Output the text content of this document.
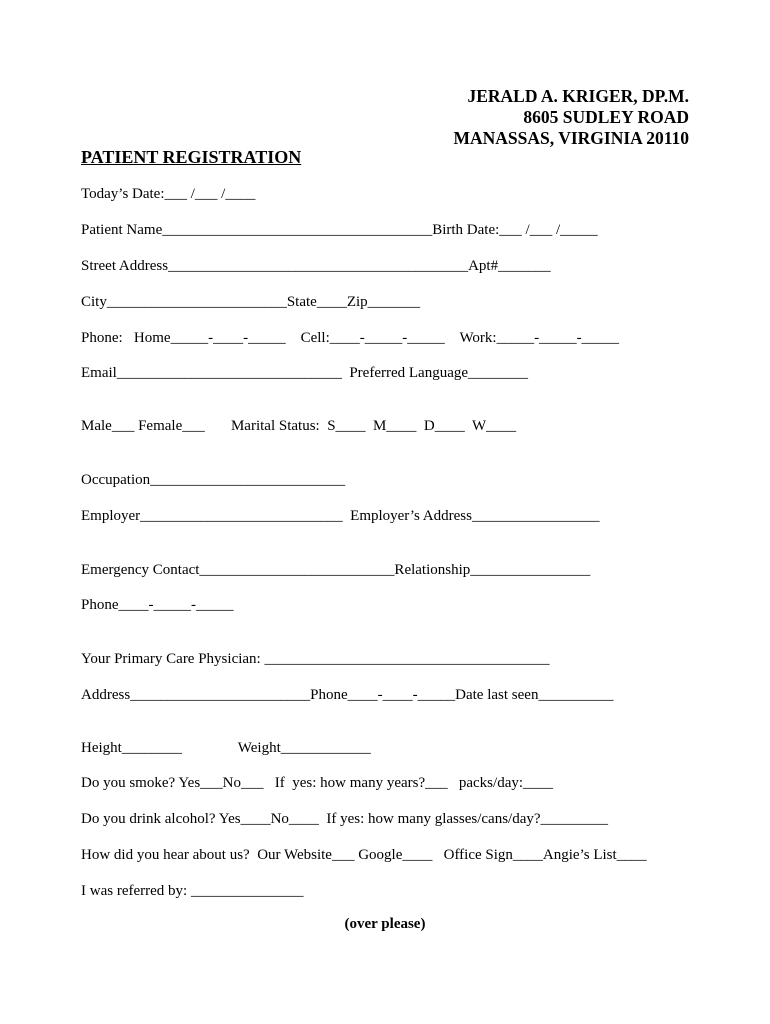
JERALD A. KRIGER, DP.M.
8605 SUDLEY ROAD
MANASSAS, VIRGINIA 20110
PATIENT REGISTRATION
Today’s Date:___ /___ /____
Patient Name____________________________________Birth Date:___ /___ /_____
Street Address________________________________________Apt#_______
City________________________State____Zip_______
Phone:   Home_____-____-_____    Cell:____-_____-_____    Work:_____-_____-_____
Email______________________________  Preferred Language________
Male___ Female___       Marital Status:  S____  M____  D____  W____
Occupation__________________________
Employer___________________________  Employer’s Address_________________
Emergency Contact__________________________Relationship________________
Phone____-_____-_____
Your Primary Care Physician: ______________________________________
Address________________________Phone____-____-_____Date last seen__________
Height________               Weight____________
Do you smoke? Yes___No___   If  yes: how many years?___   packs/day:____
Do you drink alcohol? Yes____No____  If yes: how many glasses/cans/day?_________
How did you hear about us?  Our Website___ Google____   Office Sign____Angie’s List____
I was referred by: _______________
(over please)
